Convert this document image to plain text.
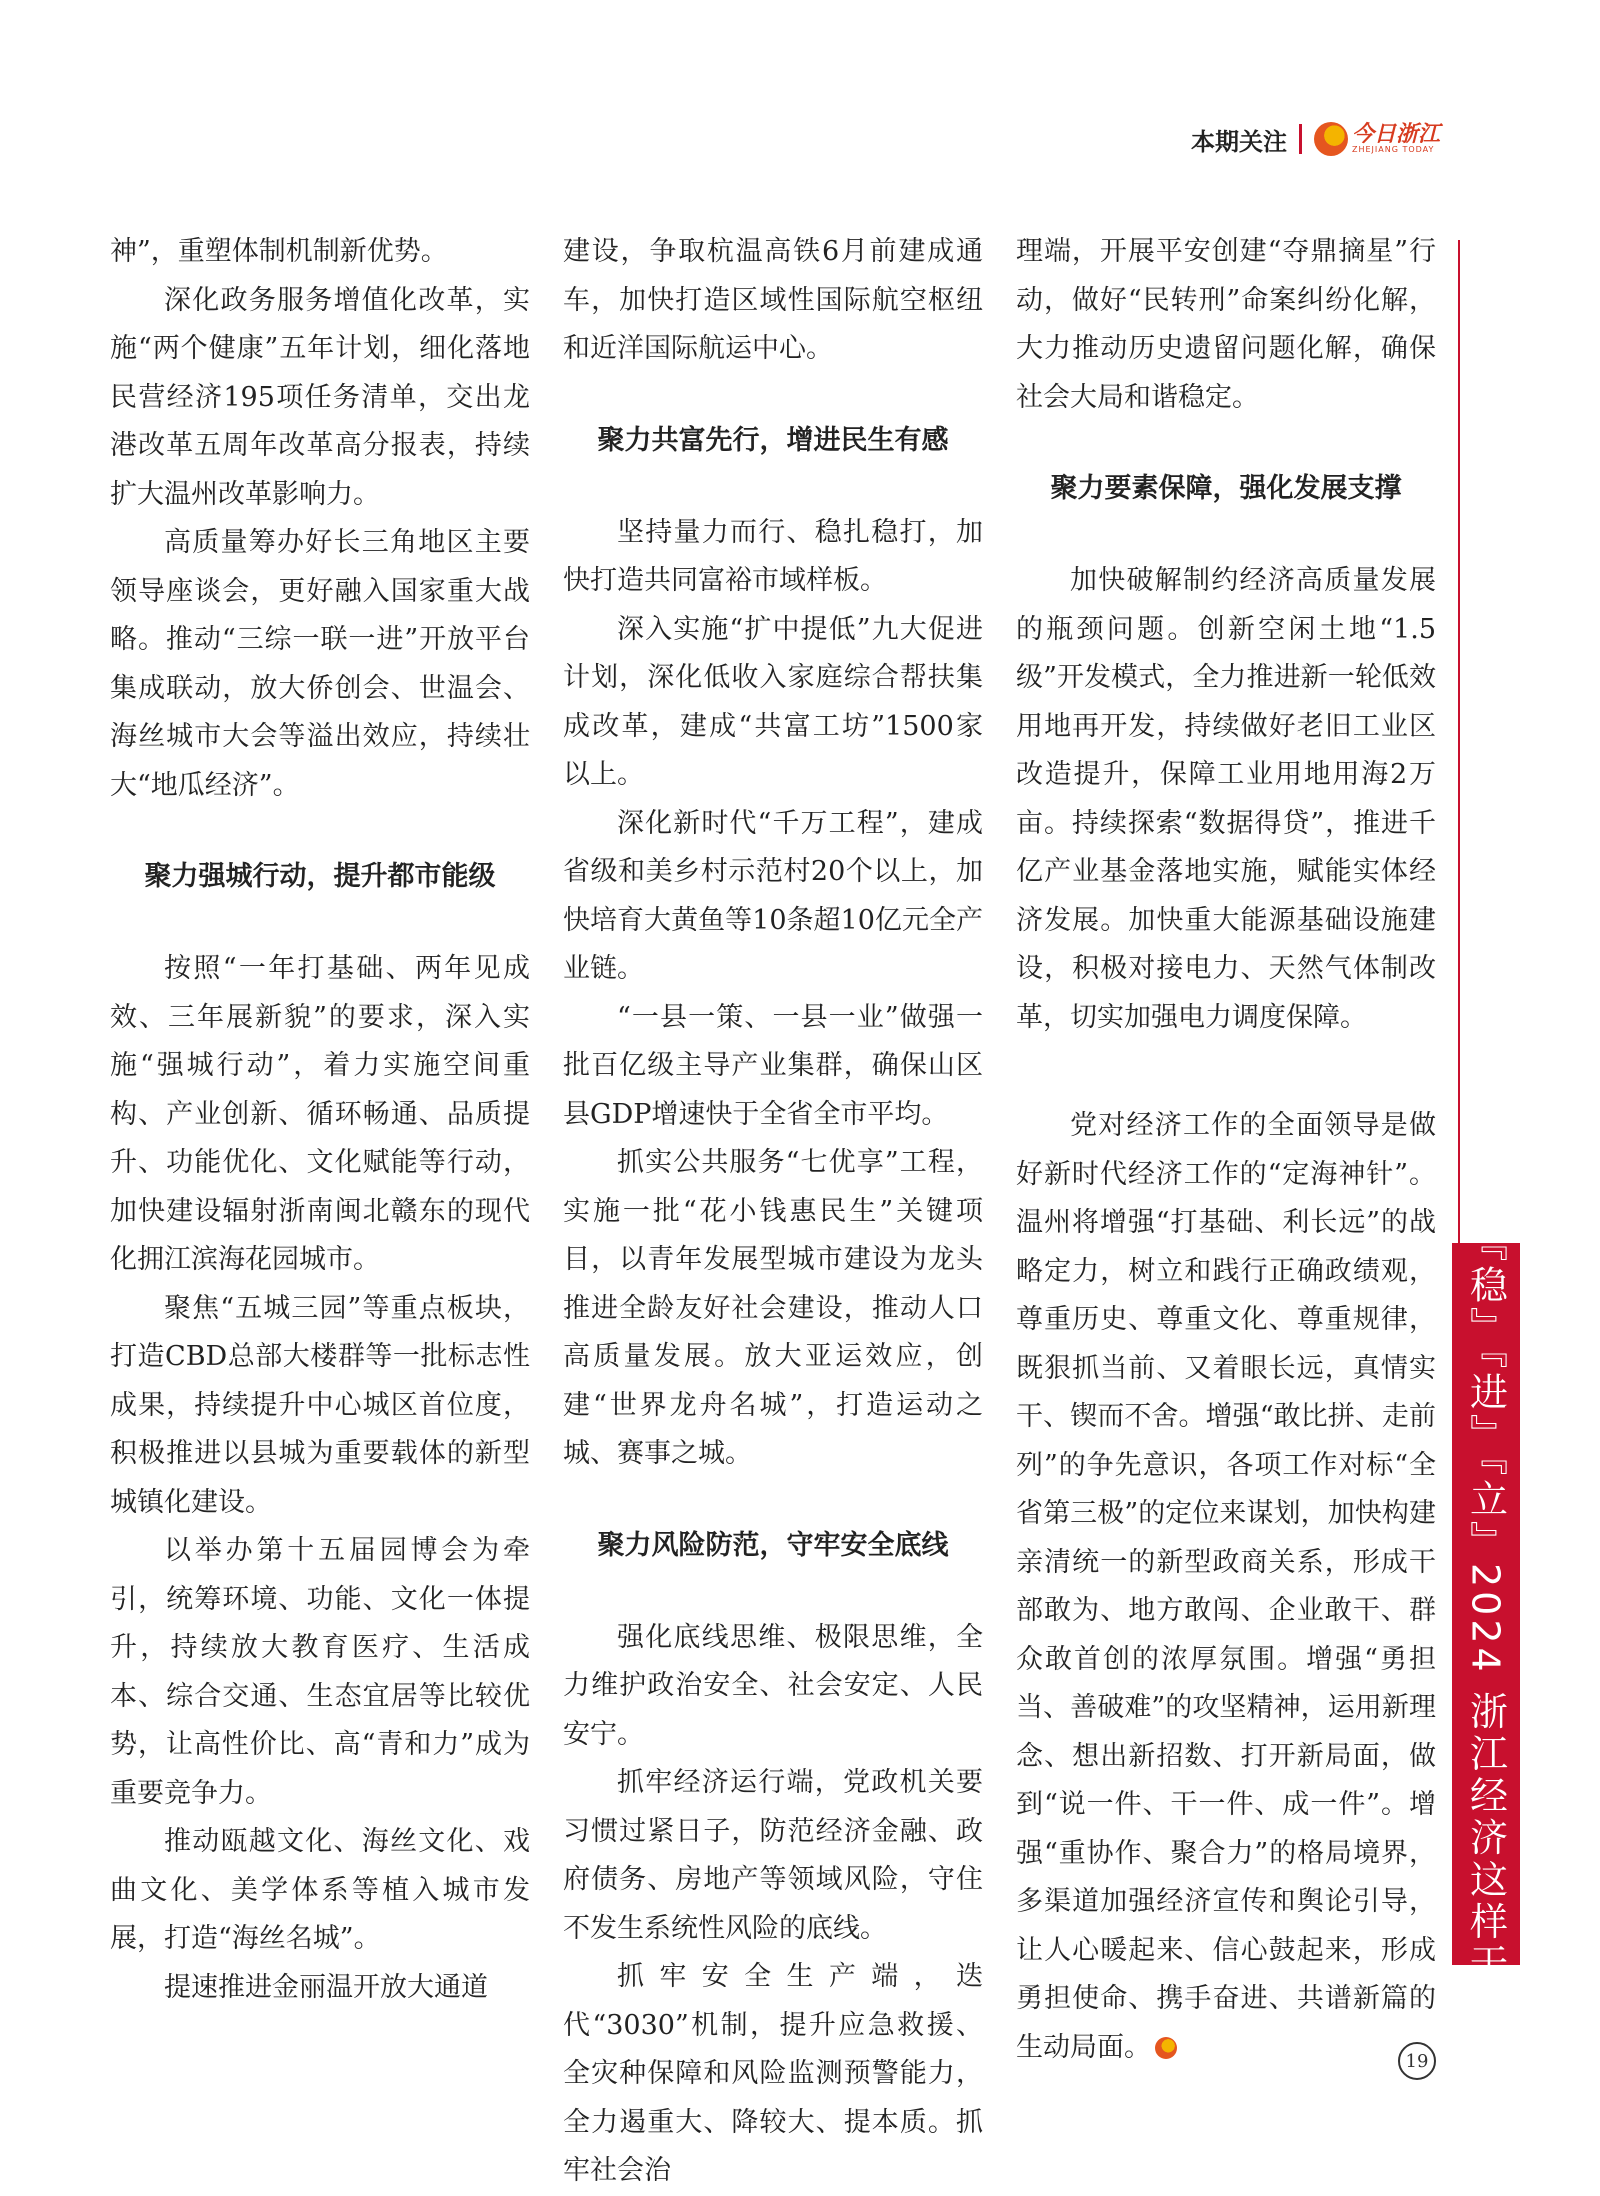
本期关注	今日浙江
ZHEJIANG TODAY

神”，重塑体制机制新优势。

深化政务服务增值化改革，实施“两个健康”五年计划，细化落地民营经济195项任务清单，交出龙港改革五周年改革高分报表，持续扩大温州改革影响力。

高质量筹办好长三角地区主要领导座谈会，更好融入国家重大战略。推动“三综一联一进”开放平台集成联动，放大侨创会、世温会、海丝城市大会等溢出效应，持续壮大“地瓜经济”。

聚力强城行动，提升都市能级

按照“一年打基础、两年见成效、三年展新貌”的要求，深入实施“强城行动”，着力实施空间重构、产业创新、循环畅通、品质提升、功能优化、文化赋能等行动，加快建设辐射浙南闽北赣东的现代化拥江滨海花园城市。

聚焦“五城三园”等重点板块，打造CBD总部大楼群等一批标志性成果，持续提升中心城区首位度，积极推进以县城为重要载体的新型城镇化建设。

以举办第十五届园博会为牵引，统筹环境、功能、文化一体提升，持续放大教育医疗、生活成本、综合交通、生态宜居等比较优势，让高性价比、高“青和力”成为重要竞争力。

推动瓯越文化、海丝文化、戏曲文化、美学体系等植入城市发展，打造“海丝名城”。

提速推进金丽温开放大通道

建设，争取杭温高铁6月前建成通车，加快打造区域性国际航空枢纽和近洋国际航运中心。

聚力共富先行，增进民生有感

坚持量力而行、稳扎稳打，加快打造共同富裕市域样板。

深入实施“扩中提低”九大促进计划，深化低收入家庭综合帮扶集成改革，建成“共富工坊”1500家以上。

深化新时代“千万工程”，建成省级和美乡村示范村20个以上，加快培育大黄鱼等10条超10亿元全产业链。

“一县一策、一县一业”做强一批百亿级主导产业集群，确保山区县GDP增速快于全省全市平均。

抓实公共服务“七优享”工程，实施一批“花小钱惠民生”关键项目，以青年发展型城市建设为龙头推进全龄友好社会建设，推动人口高质量发展。放大亚运效应，创建“世界龙舟名城”，打造运动之城、赛事之城。

聚力风险防范，守牢安全底线

强化底线思维、极限思维，全力维护政治安全、社会安定、人民安宁。

抓牢经济运行端，党政机关要习惯过紧日子，防范经济金融、政府债务、房地产等领域风险，守住不发生系统性风险的底线。

抓牢安全生产端，迭代“3030”机制，提升应急救援、全灾种保障和风险监测预警能力，全力遏重大、降较大、提本质。抓牢社会治

理端，开展平安创建“夺鼎摘星”行动，做好“民转刑”命案纠纷化解，大力推动历史遗留问题化解，确保社会大局和谐稳定。

聚力要素保障，强化发展支撑

加快破解制约经济高质量发展的瓶颈问题。创新空闲土地“1.5级”开发模式，全力推进新一轮低效用地再开发，持续做好老旧工业区改造提升，保障工业用地用海2万亩。持续探索“数据得贷”，推进千亿产业基金落地实施，赋能实体经济发展。加快重大能源基础设施建设，积极对接电力、天然气体制改革，切实加强电力调度保障。

党对经济工作的全面领导是做好新时代经济工作的“定海神针”。温州将增强“打基础、利长远”的战略定力，树立和践行正确政绩观，尊重历史、尊重文化、尊重规律，既狠抓当前、又着眼长远，真情实干、锲而不舍。增强“敢比拼、走前列”的争先意识，各项工作对标“全省第三极”的定位来谋划，加快构建亲清统一的新型政商关系，形成干部敢为、地方敢闯、企业敢干、群众敢首创的浓厚氛围。增强“勇担当、善破难”的攻坚精神，运用新理念、想出新招数、打开新局面，做到“说一件、干一件、成一件”。增强“重协作、聚合力”的格局境界，多渠道加强经济宣传和舆论引导，让人心暖起来、信心鼓起来，形成勇担使命、携手奋进、共谱新篇的生动局面。

『稳』『进』『立』2024 浙江经济这样干
19
